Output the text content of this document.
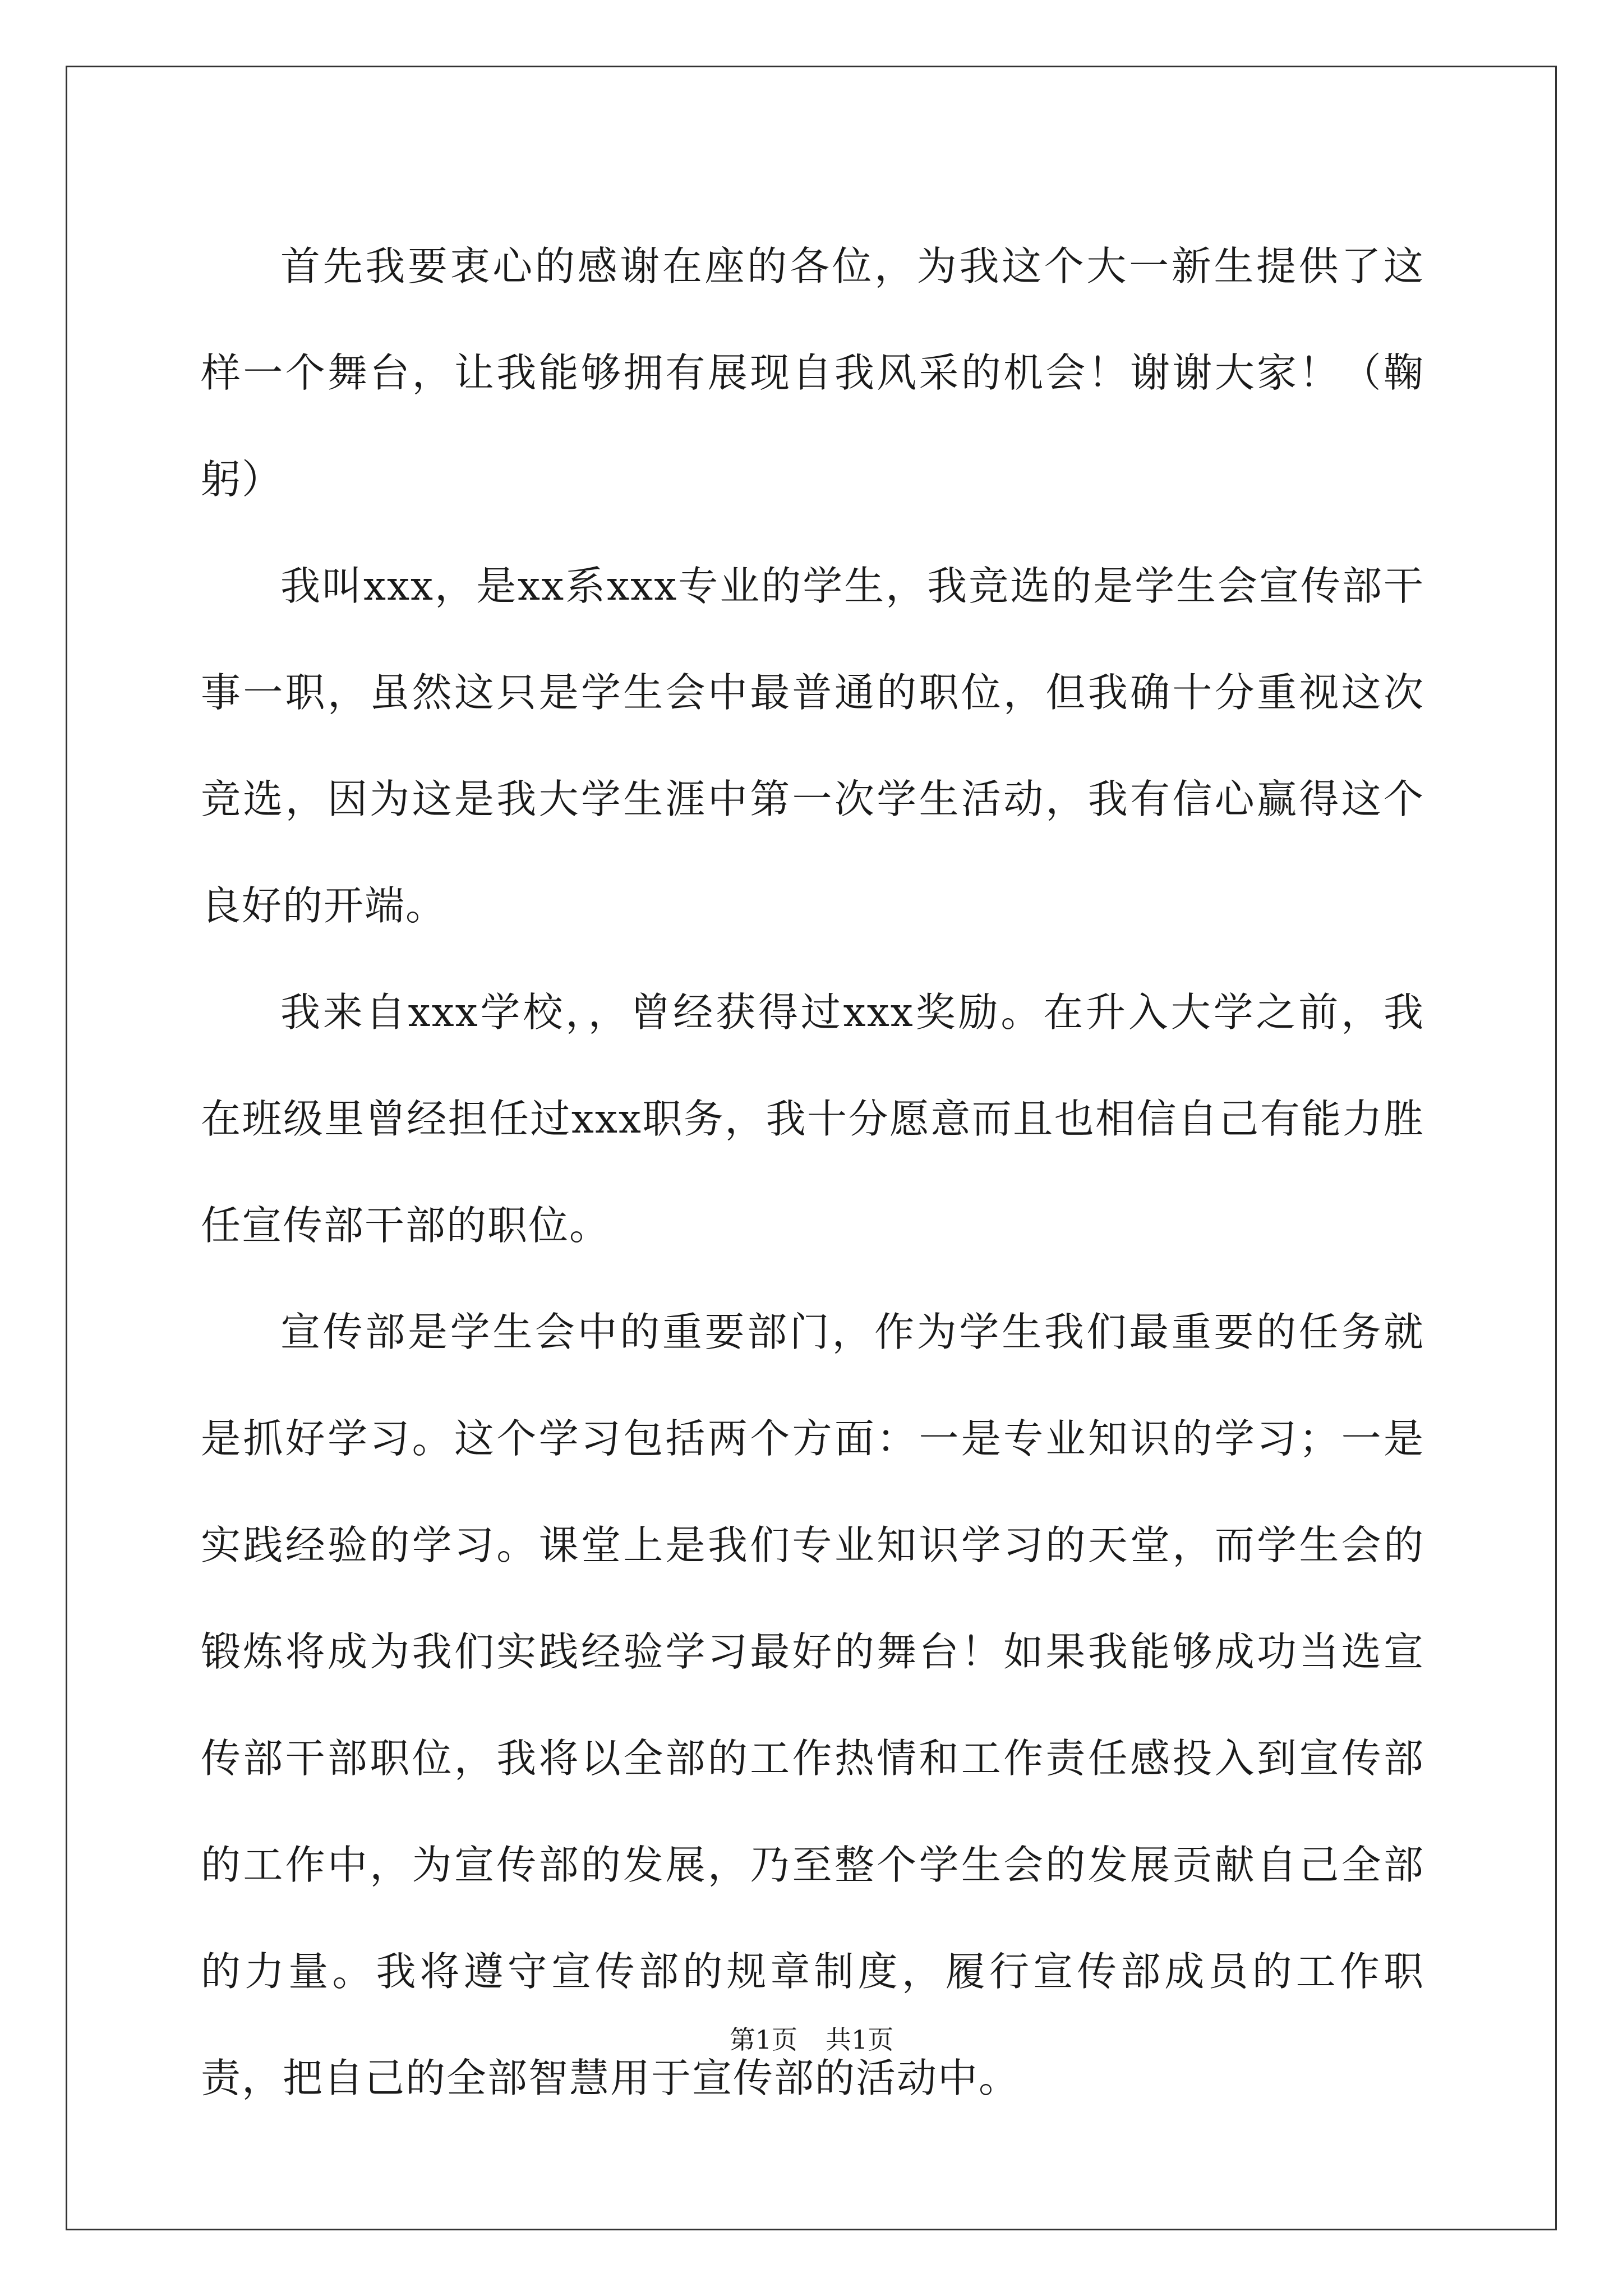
首先我要衷心的感谢在座的各位，为我这个大一新生提供了这样一个舞台，让我能够拥有展现自我风采的机会！谢谢大家！（鞠躬）

我叫xxx，是xx系xxx专业的学生，我竞选的是学生会宣传部干事一职，虽然这只是学生会中最普通的职位，但我确十分重视这次竞选，因为这是我大学生涯中第一次学生活动，我有信心赢得这个良好的开端。

我来自xxx学校，，曾经获得过xxx奖励。在升入大学之前，我在班级里曾经担任过xxx职务，我十分愿意而且也相信自己有能力胜任宣传部干部的职位。

宣传部是学生会中的重要部门，作为学生我们最重要的任务就是抓好学习。这个学习包括两个方面：一是专业知识的学习；一是实践经验的学习。课堂上是我们专业知识学习的天堂，而学生会的锻炼将成为我们实践经验学习最好的舞台！如果我能够成功当选宣传部干部职位，我将以全部的工作热情和工作责任感投入到宣传部的工作中，为宣传部的发展，乃至整个学生会的发展贡献自己全部的力量。我将遵守宣传部的规章制度，履行宣传部成员的工作职责，把自己的全部智慧用于宣传部的活动中。

第1页 共1页
